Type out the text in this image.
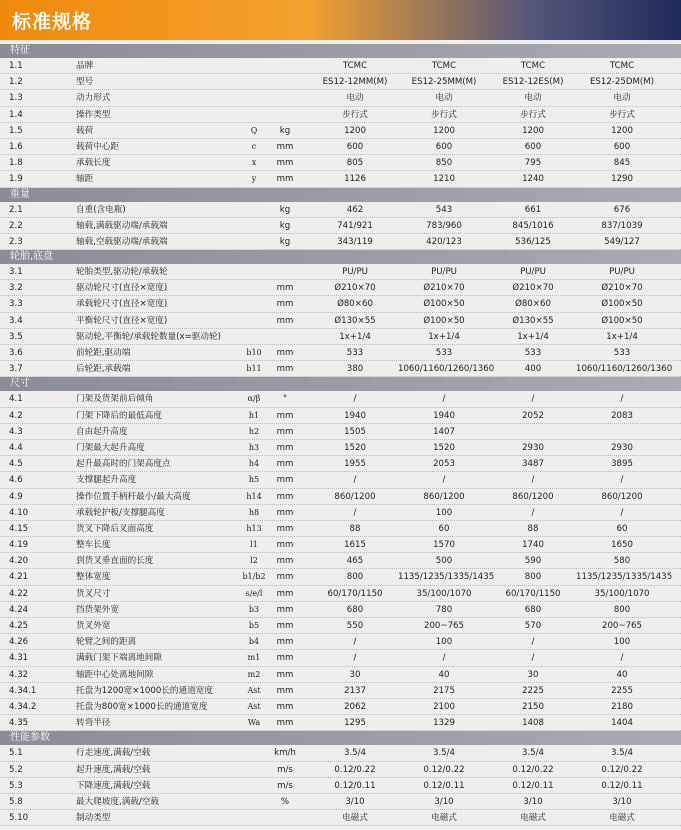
标准规格
特征
1.1	品牌	TCMC	TCMC	TCMC	TCMC
1.2	型号	ES12-12MM(M)	ES12-25MM(M)	ES12-12ES(M)	ES12-25DM(M)
1.3	动力形式	电动	电动	电动	电动
1.4	操作类型	步行式	步行式	步行式	步行式
1.5	载荷	Q	kg	1200	1200	1200	1200
1.6	载荷中心距	c	mm	600	600	600	600
1.8	承载长度	x	mm	805	850	795	845
1.9	轴距	y	mm	1126	1210	1240	1290
重量
2.1	自重(含电瓶)	kg	462	543	661	676
2.2	轴载,满载驱动端/承载端	kg	741/921	783/960	845/1016	837/1039
2.3	轴载,空载驱动端/承载端	kg	343/119	420/123	536/125	549/127
轮胎,底盘
3.1	轮胎类型,驱动轮/承载轮	PU/PU	PU/PU	PU/PU	PU/PU
3.2	驱动轮尺寸(直径×宽度)	mm	Ø210×70	Ø210×70	Ø210×70	Ø210×70
3.3	承载轮尺寸(直径×宽度)	mm	Ø80×60	Ø100×50	Ø80×60	Ø100×50
3.4	平衡轮尺寸(直径×宽度)	mm	Ø130×55	Ø100×50	Ø130×55	Ø100×50
3.5	驱动轮,平衡轮/承载轮数量(x=驱动轮)	1x+1/4	1x+1/4	1x+1/4	1x+1/4
3.6	前轮距,驱动端	b10	mm	533	533	533	533
3.7	后轮距,承载端	b11	mm	380	1060/1160/1260/1360	400	1060/1160/1260/1360
尺寸
4.1	门架及货架前后倾角	α/β	°	/	/	/	/
4.2	门架下降后的最低高度	h1	mm	1940	1940	2052	2083
4.3	自由起升高度	h2	mm	1505	1407
4.4	门架最大起升高度	h3	mm	1520	1520	2930	2930
4.5	起升最高时的门架高度点	h4	mm	1955	2053	3487	3895
4.6	支撑腿起升高度	h5	mm	/	/	/	/
4.9	操作位置手柄杆最小/最大高度	h14	mm	860/1200	860/1200	860/1200	860/1200
4.10	承载轮护板/支撑腿高度	h8	mm	/	100	/	/
4.15	货叉下降后叉面高度	h13	mm	88	60	88	60
4.19	整车长度	l1	mm	1615	1570	1740	1650
4.20	到货叉垂直面的长度	l2	mm	465	500	590	580
4.21	整体宽度	b1/b2	mm	800	1135/1235/1335/1435	800	1135/1235/1335/1435
4.22	货叉尺寸	s/e/l	mm	60/170/1150	35/100/1070	60/170/1150	35/100/1070
4.24	挡货架外宽	b3	mm	680	780	680	800
4.25	货叉外宽	b5	mm	550	200~765	570	200~765
4.26	轮臂之间的距离	b4	mm	/	100	/	100
4.31	满载门架下端离地间隙	m1	mm	/	/	/	/
4.32	轴距中心处离地间隙	m2	mm	30	40	30	40
4.34.1	托盘为1200宽×1000长的通道宽度	Ast	mm	2137	2175	2225	2255
4.34.2	托盘为800宽×1000长的通道宽度	Ast	mm	2062	2100	2150	2180
4.35	转弯半径	Wa	mm	1295	1329	1408	1404
性能参数
5.1	行走速度,满载/空载	km/h	3.5/4	3.5/4	3.5/4	3.5/4
5.2	起升速度,满载/空载	m/s	0.12/0.22	0.12/0.22	0.12/0.22	0.12/0.22
5.3	下降速度,满载/空载	m/s	0.12/0.11	0.12/0.11	0.12/0.11	0.12/0.11
5.8	最大爬坡度,满载/空载	%	3/10	3/10	3/10	3/10
5.10	制动类型	电磁式	电磁式	电磁式	电磁式
